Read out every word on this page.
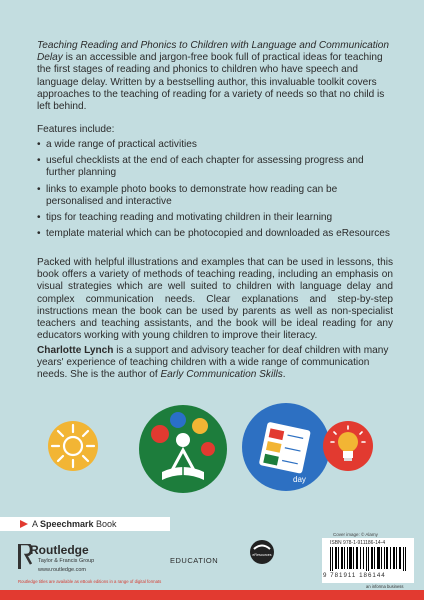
Teaching Reading and Phonics to Children with Language and Communication Delay is an accessible and jargon-free book full of practical ideas for teaching the first stages of reading and phonics to children who have speech and language delay. Written by a bestselling author, this invaluable toolkit covers approaches to the teaching of reading for a variety of needs so that no child is left behind.
Features include:
• a wide range of practical activities
• useful checklists at the end of each chapter for assessing progress and further planning
• links to example photo books to demonstrate how reading can be personalised and interactive
• tips for teaching reading and motivating children in their learning
• template material which can be photocopied and downloaded as eResources
Packed with helpful illustrations and examples that can be used in lessons, this book offers a variety of methods of teaching reading, including an emphasis on visual strategies which are well suited to children with language delay and complex communication needs. Clear explanations and step-by-step instructions mean the book can be used by parents as well as non-specialist teachers and teaching assistants, and the book will be ideal reading for any educators working with young children to improve their literacy.
Charlotte Lynch is a support and advisory teacher for deaf children with many years' experience of teaching children with a wide range of communication needs. She is the author of Early Communication Skills.
day
A Speechmark Book
Routledge
Taylor & Francis Group
www.routledge.com
EDUCATION
eResources
Cover image: © Alamy
ISBN 978-1-911186-14-4
9 781911 186144
an informa business
Routledge titles are available as eBook editions in a range of digital formats
